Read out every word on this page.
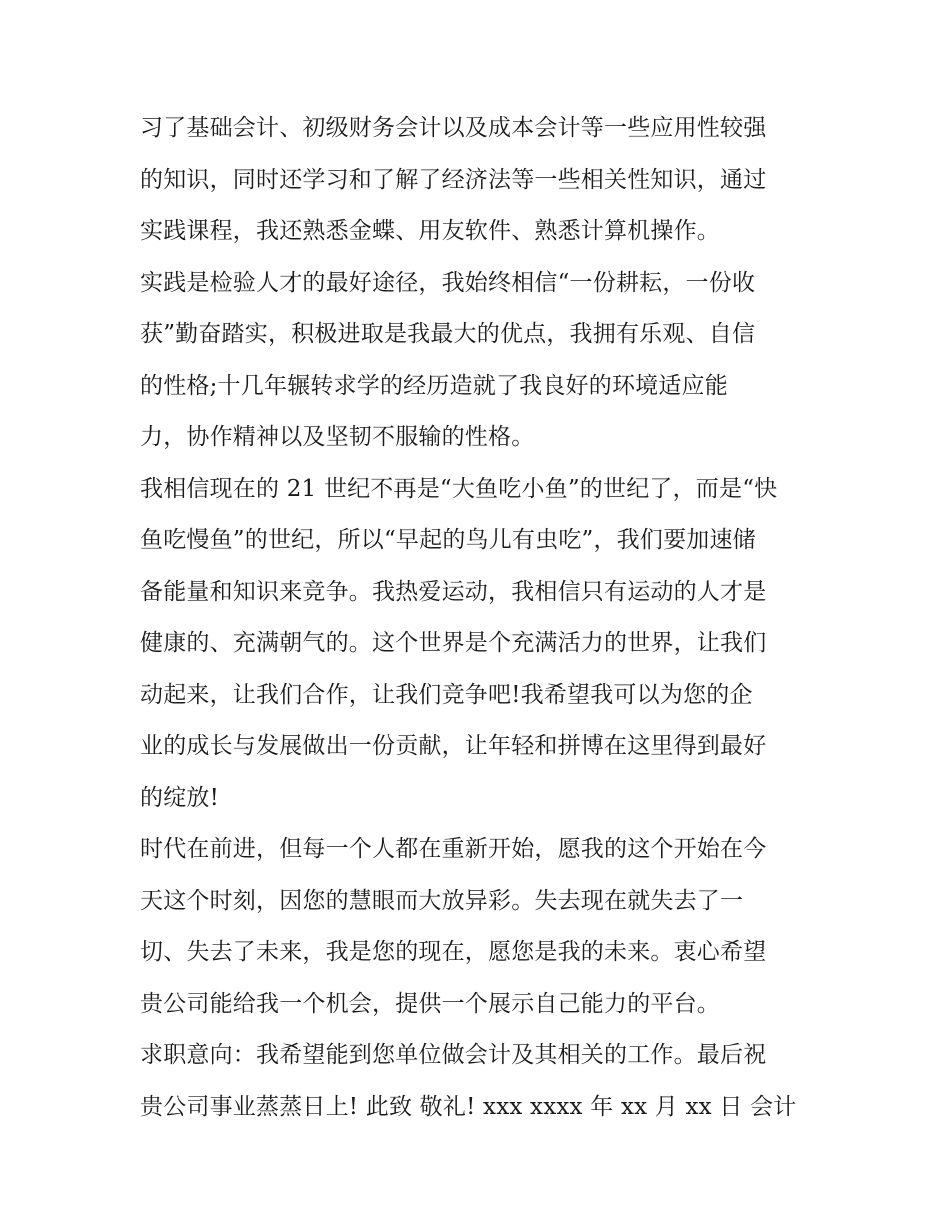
习了基础会计、初级财务会计以及成本会计等一些应用性较强
的知识，同时还学习和了解了经济法等一些相关性知识，通过
实践课程，我还熟悉金蝶、用友软件、熟悉计算机操作。
实践是检验人才的最好途径，我始终相信“一份耕耘，一份收
获”勤奋踏实，积极进取是我最大的优点，我拥有乐观、自信
的性格;十几年辗转求学的经历造就了我良好的环境适应能
力，协作精神以及坚韧不服输的性格。
我相信现在的 21 世纪不再是“大鱼吃小鱼”的世纪了，而是“快
鱼吃慢鱼”的世纪，所以“早起的鸟儿有虫吃”，我们要加速储
备能量和知识来竞争。我热爱运动，我相信只有运动的人才是
健康的、充满朝气的。这个世界是个充满活力的世界，让我们
动起来，让我们合作，让我们竞争吧!我希望我可以为您的企
业的成长与发展做出一份贡献，让年轻和拼博在这里得到最好
的绽放!
时代在前进，但每一个人都在重新开始，愿我的这个开始在今
天这个时刻，因您的慧眼而大放异彩。失去现在就失去了一
切、失去了未来，我是您的现在，愿您是我的未来。衷心希望
贵公司能给我一个机会，提供一个展示自己能力的平台。
求职意向：我希望能到您单位做会计及其相关的工作。最后祝
贵公司事业蒸蒸日上! 此致 敬礼! xxx xxxx 年 xx 月 xx 日 会计
